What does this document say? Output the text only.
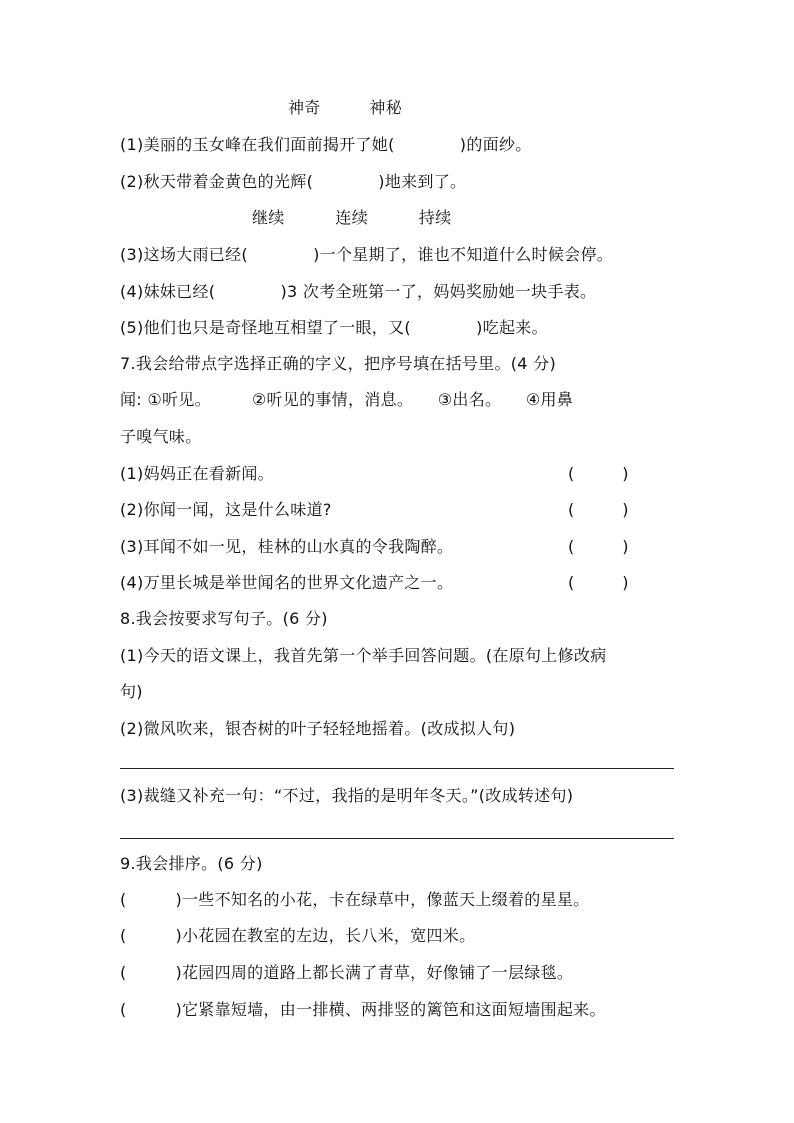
神奇	神秘
(1)美丽的玉女峰在我们面前揭开了她(　　　　)的面纱。
(2)秋天带着金黄色的光辉(　　　　)地来到了。
继续	连续	持续
(3)这场大雨已经(　　　　)一个星期了，谁也不知道什么时候会停。
(4)妹妹已经(　　　　)3 次考全班第一了，妈妈奖励她一块手表。
(5)他们也只是奇怪地互相望了一眼，又(　　　　)吃起来。
7.我会给带点字选择正确的字义，把序号填在括号里。(4 分)
闻: ①听见。　　　②听见的事情，消息。　　③出名。　　④用鼻
子嗅气味。
(1)妈妈正在看新闻。	(　　　)
(2)你闻一闻，这是什么味道?	(　　　)
(3)耳闻不如一见，桂林的山水真的令我陶醉。	(　　　)
(4)万里长城是举世闻名的世界文化遗产之一。	(　　　)
8.我会按要求写句子。(6 分)
(1)今天的语文课上，我首先第一个举手回答问题。(在原句上修改病
句)
(2)微风吹来，银杏树的叶子轻轻地摇着。(改成拟人句)
(3)裁缝又补充一句：“不过，我指的是明年冬天。”(改成转述句)
9.我会排序。(6 分)
(　　　)一些不知名的小花，卡在绿草中，像蓝天上缀着的星星。
(　　　)小花园在教室的左边，长八米，宽四米。
(　　　)花园四周的道路上都长满了青草，好像铺了一层绿毯。
(　　　)它紧靠短墙，由一排横、两排竖的篱笆和这面短墙围起来。
